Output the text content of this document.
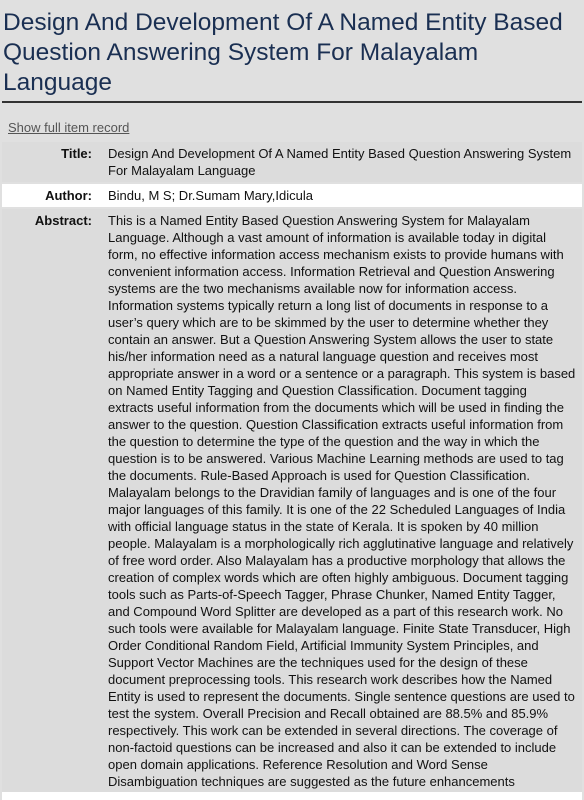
Design And Development Of A Named Entity Based Question Answering System For Malayalam Language
Show full item record
Title:	Design And Development Of A Named Entity Based Question Answering System For Malayalam Language
Author:	Bindu, M S; Dr.Sumam Mary,Idicula
Abstract:	This is a Named Entity Based Question Answering System for Malayalam Language. Although a vast amount of information is available today in digital form, no effective information access mechanism exists to provide humans with convenient information access. Information Retrieval and Question Answering systems are the two mechanisms available now for information access. Information systems typically return a long list of documents in response to a user’s query which are to be skimmed by the user to determine whether they contain an answer. But a Question Answering System allows the user to state his/her information need as a natural language question and receives most appropriate answer in a word or a sentence or a paragraph. This system is based on Named Entity Tagging and Question Classification. Document tagging extracts useful information from the documents which will be used in finding the answer to the question. Question Classification extracts useful information from the question to determine the type of the question and the way in which the question is to be answered. Various Machine Learning methods are used to tag the documents. Rule-Based Approach is used for Question Classification. Malayalam belongs to the Dravidian family of languages and is one of the four major languages of this family. It is one of the 22 Scheduled Languages of India with official language status in the state of Kerala. It is spoken by 40 million people. Malayalam is a morphologically rich agglutinative language and relatively of free word order. Also Malayalam has a productive morphology that allows the creation of complex words which are often highly ambiguous. Document tagging tools such as Parts-of-Speech Tagger, Phrase Chunker, Named Entity Tagger, and Compound Word Splitter are developed as a part of this research work. No such tools were available for Malayalam language. Finite State Transducer, High Order Conditional Random Field, Artificial Immunity System Principles, and Support Vector Machines are the techniques used for the design of these document preprocessing tools. This research work describes how the Named Entity is used to represent the documents. Single sentence questions are used to test the system. Overall Precision and Recall obtained are 88.5% and 85.9% respectively. This work can be extended in several directions. The coverage of non-factoid questions can be increased and also it can be extended to include open domain applications. Reference Resolution and Word Sense Disambiguation techniques are suggested as the future enhancements
